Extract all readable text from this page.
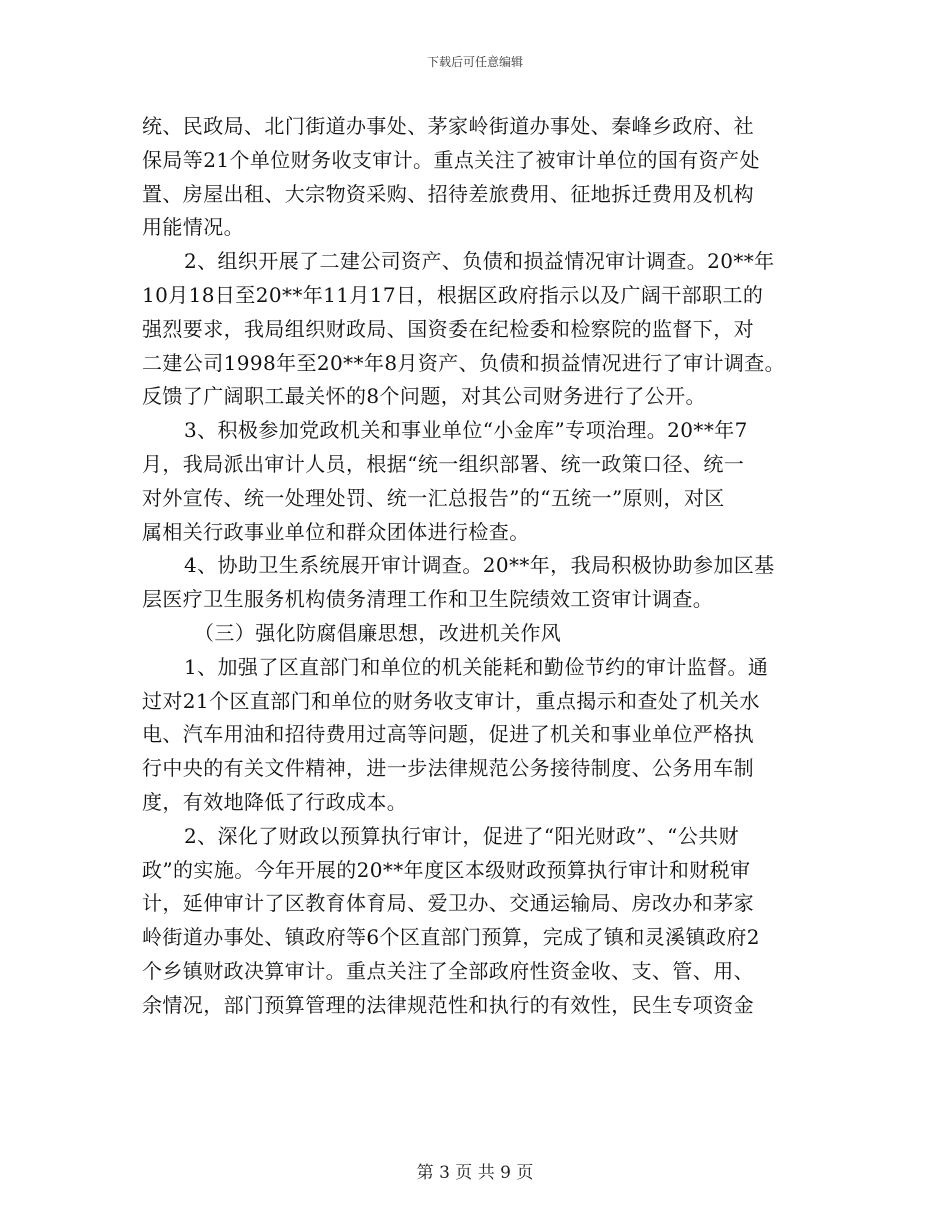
下载后可任意编辑
统、民政局、北门街道办事处、茅家岭街道办事处、秦峰乡政府、社
保局等21个单位财务收支审计。重点关注了被审计单位的国有资产处
置、房屋出租、大宗物资采购、招待差旅费用、征地拆迁费用及机构
用能情况。
2、组织开展了二建公司资产、负债和损益情况审计调查。20**年
10月18日至20**年11月17日，根据区政府指示以及广阔干部职工的
强烈要求，我局组织财政局、国资委在纪检委和检察院的监督下，对
二建公司1998年至20**年8月资产、负债和损益情况进行了审计调查。
反馈了广阔职工最关怀的8个问题，对其公司财务进行了公开。
3、积极参加党政机关和事业单位“小金库”专项治理。20**年7
月，我局派出审计人员，根据“统一组织部署、统一政策口径、统一
对外宣传、统一处理处罚、统一汇总报告”的“五统一”原则，对区
属相关行政事业单位和群众团体进行检查。
4、协助卫生系统展开审计调查。20**年，我局积极协助参加区基
层医疗卫生服务机构债务清理工作和卫生院绩效工资审计调查。
（三）强化防腐倡廉思想，改进机关作风
1、加强了区直部门和单位的机关能耗和勤俭节约的审计监督。通
过对21个区直部门和单位的财务收支审计，重点揭示和查处了机关水
电、汽车用油和招待费用过高等问题，促进了机关和事业单位严格执
行中央的有关文件精神，进一步法律规范公务接待制度、公务用车制
度，有效地降低了行政成本。
2、深化了财政以预算执行审计，促进了“阳光财政”、“公共财
政”的实施。今年开展的20**年度区本级财政预算执行审计和财税审
计，延伸审计了区教育体育局、爱卫办、交通运输局、房改办和茅家
岭街道办事处、镇政府等6个区直部门预算，完成了镇和灵溪镇政府2
个乡镇财政决算审计。重点关注了全部政府性资金收、支、管、用、
余情况，部门预算管理的法律规范性和执行的有效性，民生专项资金
第 3 页 共 9 页
